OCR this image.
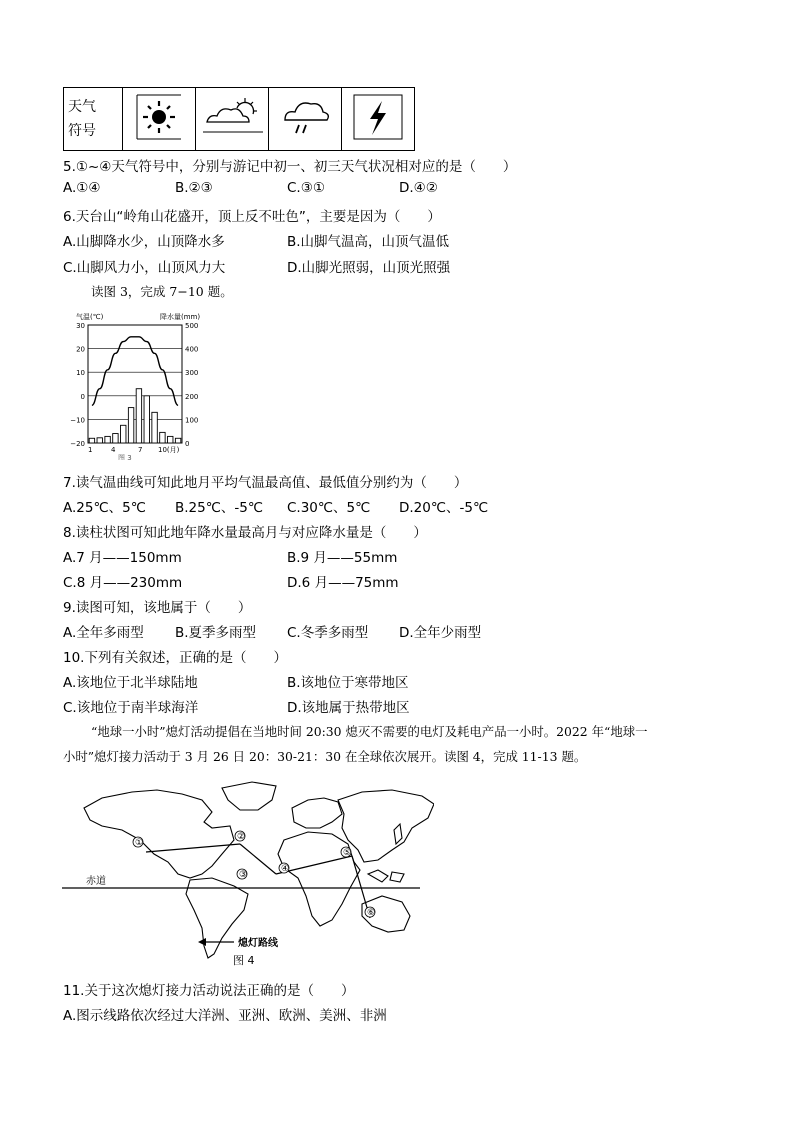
天气
符号

5.①~④天气符号中，分别与游记中初一、初三天气状况相对应的是（　　）
A.①④	B.②③	C.③①	D.④②
6.天台山“岭角山花盛开，顶上反不吐色”，主要是因为（　　）
A.山脚降水少，山顶降水多	B.山脚气温高，山顶气温低
C.山脚风力小，山顶风力大	D.山脚光照弱，山顶光照强
读图 3，完成 7−10 题。
气温(℃)	降水量(mm)
30
20
10
0
−10
−20
500
400
300
200
100
0
1	4	7 10(月)
图 3
7.读气温曲线可知此地月平均气温最高值、最低值分别约为（　　）
A.25℃、5℃ B.25℃、-5℃ C.30℃、5℃ D.20℃、-5℃
8.读柱状图可知此地年降水量最高月与对应降水量是（　　）
A.7 月——150mm	B.9 月——55mm
C.8 月——230mm	D.6 月——75mm
9.读图可知，该地属于（　　）
A.全年多雨型 B.夏季多雨型 C.冬季多雨型 D.全年少雨型
10.下列有关叙述，正确的是（　　）
A.该地位于北半球陆地	B.该地位于寒带地区
C.该地位于南半球海洋	D.该地属于热带地区
“地球一小时”熄灯活动提倡在当地时间 20:30 熄灭不需要的电灯及耗电产品一小时。2022 年“地球一
小时”熄灯接力活动于 3 月 26 日 20：30-21：30 在全球依次展开。读图 4，完成 11-13 题。
赤道
①
②
③
④
⑤
⑥
熄灯路线
图 4
11.关于这次熄灯接力活动说法正确的是（　　）
A.图示线路依次经过大洋洲、亚洲、欧洲、美洲、非洲
